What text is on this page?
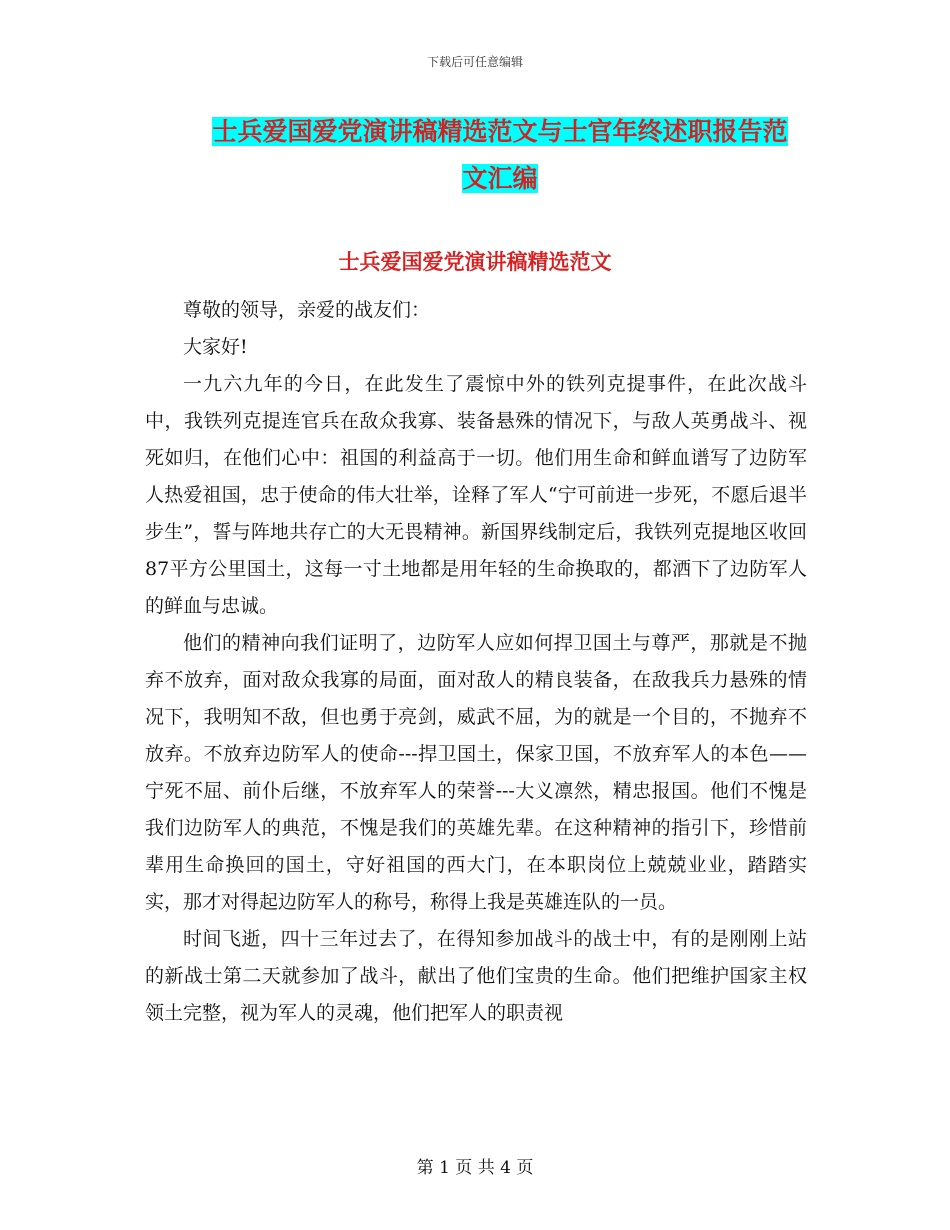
下载后可任意编辑
士兵爱国爱党演讲稿精选范文与士官年终述职报告范
文汇编
士兵爱国爱党演讲稿精选范文

尊敬的领导，亲爱的战友们：

大家好!

一九六九年的今日，在此发生了震惊中外的铁列克提事件，在此次战斗中，我铁列克提连官兵在敌众我寡、装备悬殊的情况下，与敌人英勇战斗、视死如归，在他们心中：祖国的利益高于一切。他们用生命和鲜血谱写了边防军人热爱祖国，忠于使命的伟大壮举，诠释了军人“宁可前进一步死，不愿后退半步生”，誓与阵地共存亡的大无畏精神。新国界线制定后，我铁列克提地区收回87平方公里国土，这每一寸土地都是用年轻的生命换取的，都洒下了边防军人的鲜血与忠诚。

他们的精神向我们证明了，边防军人应如何捍卫国土与尊严，那就是不抛弃不放弃，面对敌众我寡的局面，面对敌人的精良装备，在敌我兵力悬殊的情况下，我明知不敌，但也勇于亮剑，威武不屈，为的就是一个目的，不抛弃不放弃。不放弃边防军人的使命---捍卫国土，保家卫国，不放弃军人的本色——宁死不屈、前仆后继，不放弃军人的荣誉---大义凛然，精忠报国。他们不愧是我们边防军人的典范，不愧是我们的英雄先辈。在这种精神的指引下，珍惜前辈用生命换回的国土，守好祖国的西大门，在本职岗位上兢兢业业，踏踏实实，那才对得起边防军人的称号，称得上我是英雄连队的一员。

时间飞逝，四十三年过去了，在得知参加战斗的战士中，有的是刚刚上站的新战士第二天就参加了战斗，献出了他们宝贵的生命。他们把维护国家主权领土完整，视为军人的灵魂，他们把军人的职责视

第 1 页 共 4 页
